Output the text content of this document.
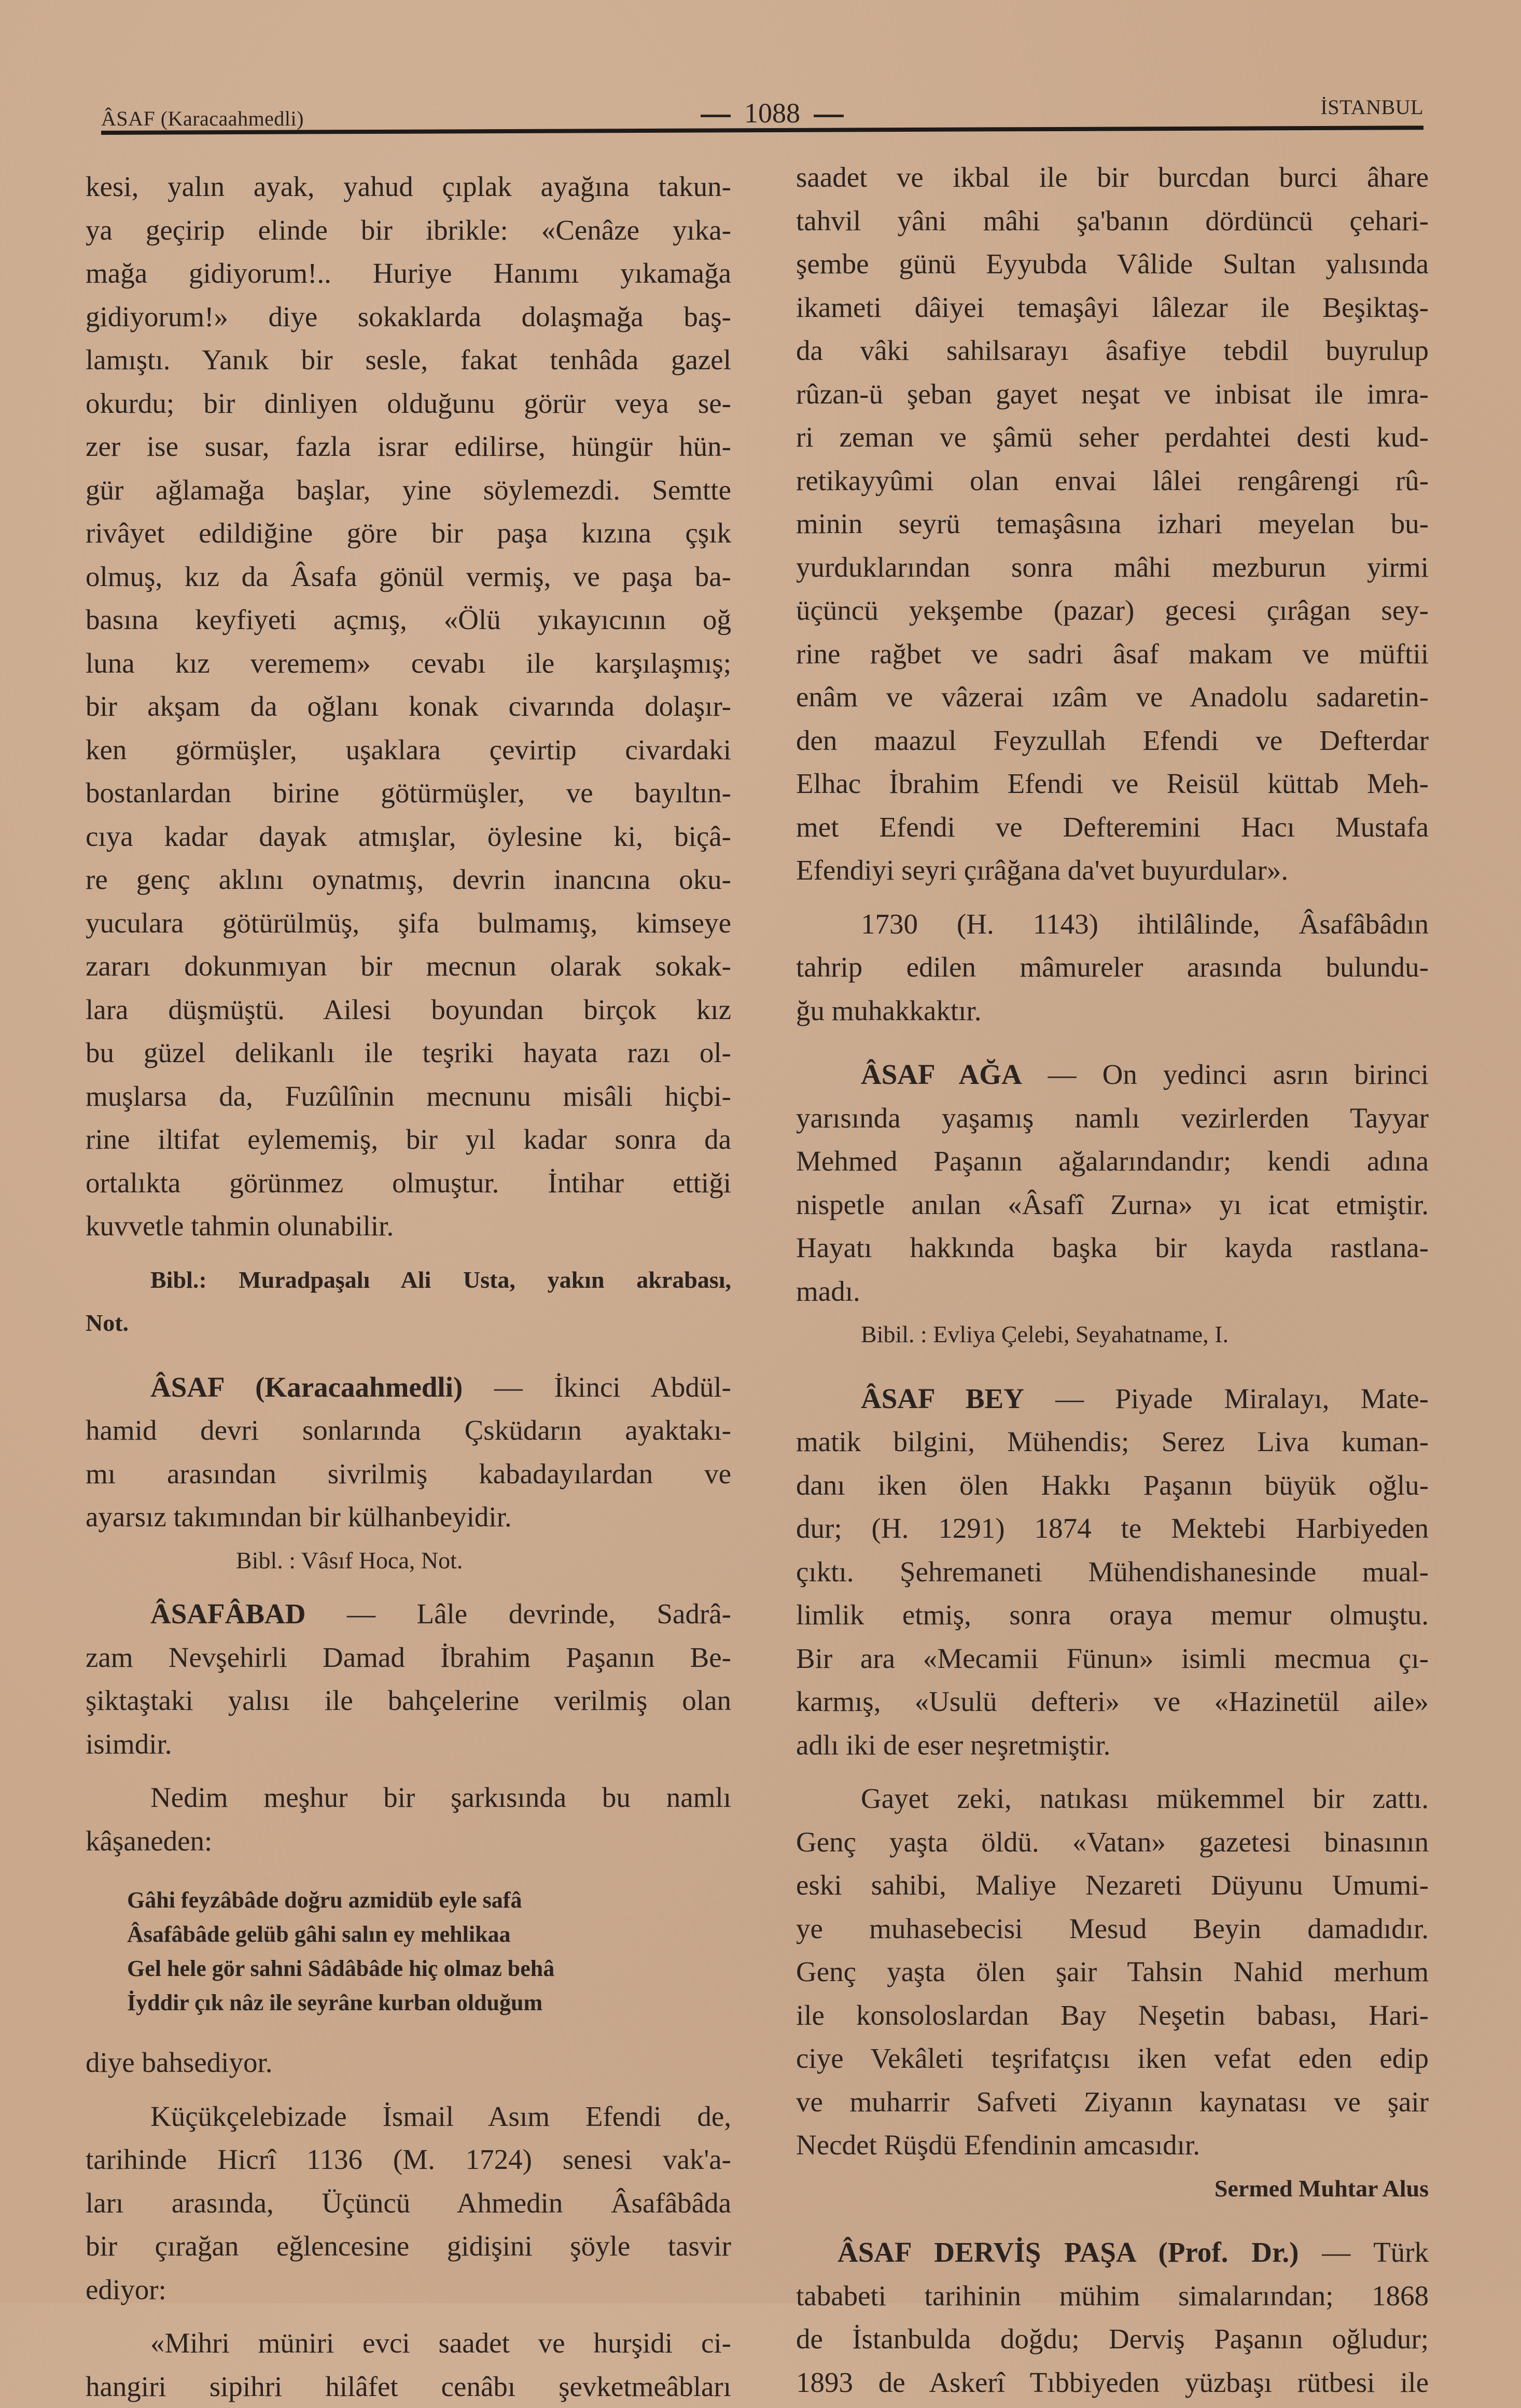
ÂSAF (Karacaahmedli)	1088	İSTANBUL
kesi, yalın ayak, yahud çıplak ayağına takun-
ya geçirip elinde bir ibrikle: «Cenâze yıka-
mağa gidiyorum!.. Huriye Hanımı yıkamağa
gidiyorum!» diye sokaklarda dolaşmağa baş-
lamıştı. Yanık bir sesle, fakat tenhâda gazel
okurdu; bir dinliyen olduğunu görür veya se-
zer ise susar, fazla israr edilirse, hüngür hün-
gür ağlamağa başlar, yine söylemezdi. Semtte
rivâyet edildiğine göre bir paşa kızına çşık
olmuş, kız da Âsafa gönül vermiş, ve paşa ba-
basına keyfiyeti açmış, «Ölü yıkayıcının oğ
luna kız veremem» cevabı ile karşılaşmış;
bir akşam da oğlanı konak civarında dolaşır-
ken görmüşler, uşaklara çevirtip civardaki
bostanlardan birine götürmüşler, ve bayıltın-
cıya kadar dayak atmışlar, öylesine ki, biçâ-
re genç aklını oynatmış, devrin inancına oku-
yuculara götürülmüş, şifa bulmamış, kimseye
zararı dokunmıyan bir mecnun olarak sokak-
lara düşmüştü. Ailesi boyundan birçok kız
bu güzel delikanlı ile teşriki hayata razı ol-
muşlarsa da, Fuzûlînin mecnunu misâli hiçbi-
rine iltifat eylememiş, bir yıl kadar sonra da
ortalıkta görünmez olmuştur. İntihar ettiği
kuvvetle tahmin olunabilir.
Bibl.: Muradpaşalı Ali Usta, yakın akrabası,
Not.
ÂSAF (Karacaahmedli) — İkinci Abdül-
hamid devri sonlarında Çsküdarın ayaktakı-
mı arasından sivrilmiş kabadayılardan ve
ayarsız takımından bir külhanbeyidir.
Bibl. : Vâsıf Hoca, Not.
ÂSAFÂBAD — Lâle devrinde, Sadrâ-
zam Nevşehirli Damad İbrahim Paşanın Be-
şiktaştaki yalısı ile bahçelerine verilmiş olan
isimdir.
Nedim meşhur bir şarkısında bu namlı
kâşaneden:
Gâhi feyzâbâde doğru azmidüb eyle safâ
Âsafâbâde gelüb gâhi salın ey mehlikaa
Gel hele gör sahni Sâdâbâde hiç olmaz behâ
İyddir çık nâz ile seyrâne kurban olduğum
diye bahsediyor.
Küçükçelebizade İsmail Asım Efendi de,
tarihinde Hicrî 1136 (M. 1724) senesi vak'a-
ları arasında, Üçüncü Ahmedin Âsafâbâda
bir çırağan eğlencesine gidişini şöyle tasvir
ediyor:
«Mihri müniri evci saadet ve hurşidi ci-
hangiri sipihri hilâfet cenâbı şevketmeâbları
saadet ve ikbal ile bir burcdan burci âhare
tahvil yâni mâhi şa'banın dördüncü çehari-
şembe günü Eyyubda Vâlide Sultan yalısında
ikameti dâiyei temaşâyi lâlezar ile Beşiktaş-
da vâki sahilsarayı âsafiye tebdil buyrulup
rûzan-ü şeban gayet neşat ve inbisat ile imra-
ri zeman ve şâmü seher perdahtei desti kud-
retikayyûmi olan envai lâlei rengârengi rû-
minin seyrü temaşâsına izhari meyelan bu-
yurduklarından sonra mâhi mezburun yirmi
üçüncü yekşembe (pazar) gecesi çırâgan sey-
rine rağbet ve sadri âsaf makam ve müftii
enâm ve vâzerai ızâm ve Anadolu sadaretin-
den maazul Feyzullah Efendi ve Defterdar
Elhac İbrahim Efendi ve Reisül küttab Meh-
met Efendi ve Defteremini Hacı Mustafa
Efendiyi seyri çırâğana da'vet buyurdular».
1730 (H. 1143) ihtilâlinde, Âsafâbâdın
tahrip edilen mâmureler arasında bulundu-
ğu muhakkaktır.
ÂSAF AĞA — On yedinci asrın birinci
yarısında yaşamış namlı vezirlerden Tayyar
Mehmed Paşanın ağalarındandır; kendi adına
nispetle anılan «Âsafî Zurna» yı icat etmiştir.
Hayatı hakkında başka bir kayda rastlana-
madı.
Bibil. : Evliya Çelebi, Seyahatname, I.
ÂSAF BEY — Piyade Miralayı, Mate-
matik bilgini, Mühendis; Serez Liva kuman-
danı iken ölen Hakkı Paşanın büyük oğlu-
dur; (H. 1291) 1874 te Mektebi Harbiyeden
çıktı. Şehremaneti Mühendishanesinde mual-
limlik etmiş, sonra oraya memur olmuştu.
Bir ara «Mecamii Fünun» isimli mecmua çı-
karmış, «Usulü defteri» ve «Hazinetül aile»
adlı iki de eser neşretmiştir.
Gayet zeki, natıkası mükemmel bir zattı.
Genç yaşta öldü. «Vatan» gazetesi binasının
eski sahibi, Maliye Nezareti Düyunu Umumi-
ye muhasebecisi Mesud Beyin damadıdır.
Genç yaşta ölen şair Tahsin Nahid merhum
ile konsoloslardan Bay Neşetin babası, Hari-
ciye Vekâleti teşrifatçısı iken vefat eden edip
ve muharrir Safveti Ziyanın kaynatası ve şair
Necdet Rüşdü Efendinin amcasıdır.
Sermed Muhtar Alus
ÂSAF DERVİŞ PAŞA (Prof. Dr.) — Türk
tababeti tarihinin mühim simalarından; 1868
de İstanbulda doğdu; Derviş Paşanın oğludur;
1893 de Askerî Tıbbiyeden yüzbaşı rütbesi ile
